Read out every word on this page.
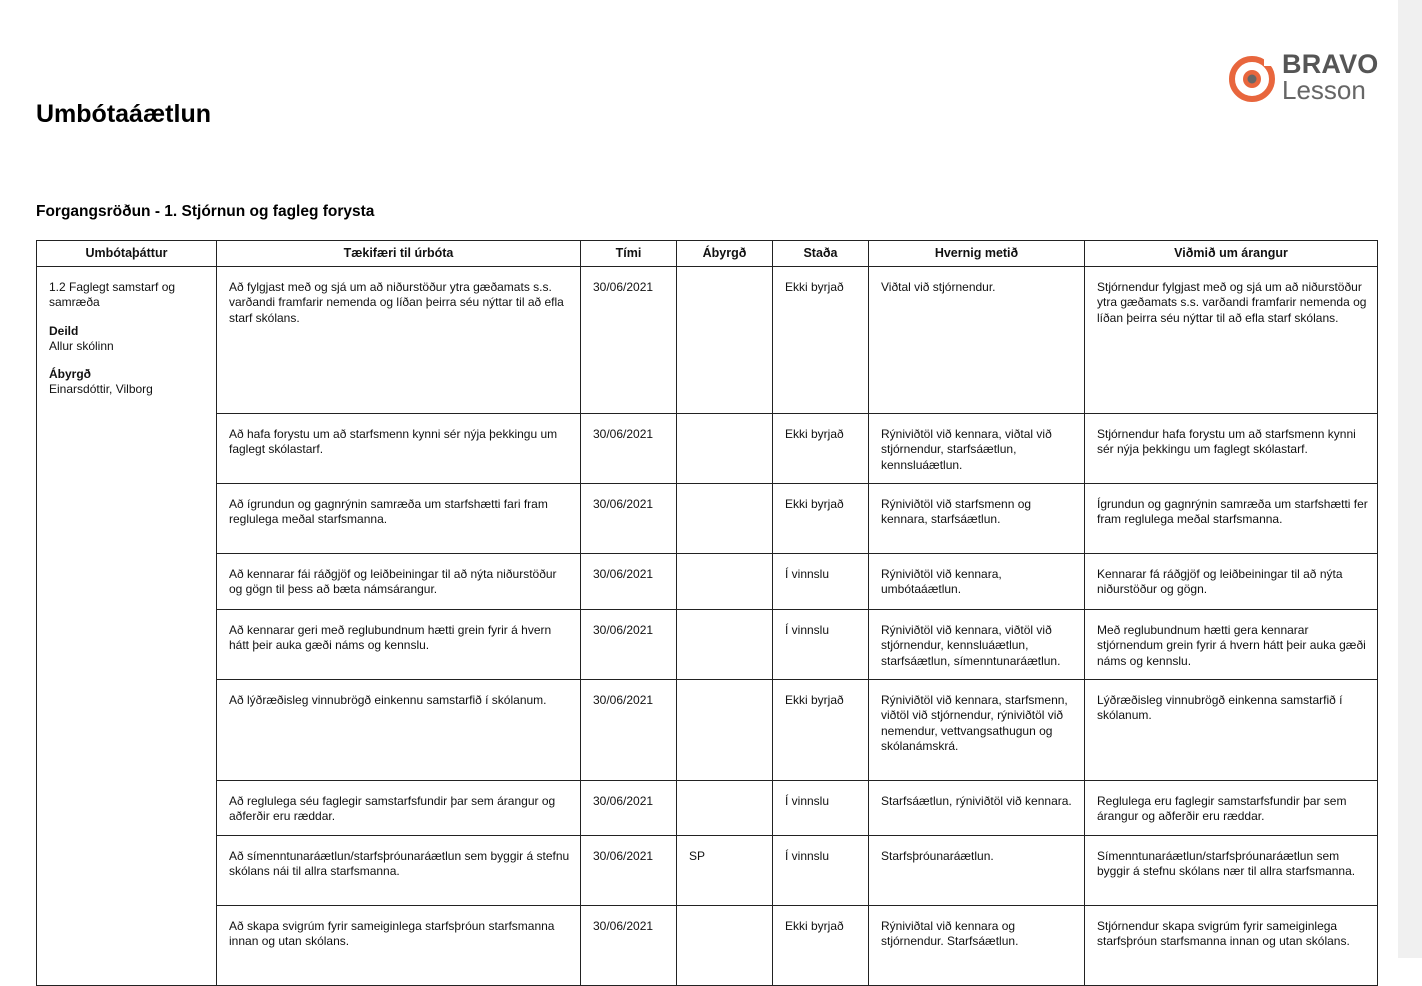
BRAVO
Lesson
Umbótaáætlun
Forgangsröðun - 1. Stjórnun og fagleg forysta
Umbótaþáttur	Tækifæri til úrbóta	Tími	Ábyrgð	Staða	Hvernig metið	Viðmið um árangur

1.2 Faglegt samstarf og samræða
Deild
Allur skólinn
Ábyrgð
Einarsdóttir, Vilborg	Að fylgjast með og sjá um að niðurstöður ytra gæðamats s.s. varðandi framfarir nemenda og líðan þeirra séu nýttar til að efla starf skólans.	30/06/2021		Ekki byrjað	Viðtal við stjórnendur.	Stjórnendur fylgjast með og sjá um að niðurstöður ytra gæðamats s.s. varðandi framfarir nemenda og líðan þeirra séu nýttar til að efla starf skólans.
	Að hafa forystu um að starfsmenn kynni sér nýja þekkingu um faglegt skólastarf.	30/06/2021		Ekki byrjað	Rýniviðtöl við kennara, viðtal við stjórnendur, starfsáætlun, kennsluáætlun.	Stjórnendur hafa forystu um að starfsmenn kynni sér nýja þekkingu um faglegt skólastarf.
	Að ígrundun og gagnrýnin samræða um starfshætti fari fram reglulega meðal starfsmanna.	30/06/2021		Ekki byrjað	Rýniviðtöl við starfsmenn og kennara, starfsáætlun.	Ígrundun og gagnrýnin samræða um starfshætti fer fram reglulega meðal starfsmanna.
	Að kennarar fái ráðgjöf og leiðbeiningar til að nýta niðurstöður og gögn til þess að bæta námsárangur.	30/06/2021		Í vinnslu	Rýniviðtöl við kennara, umbótaáætlun.	Kennarar fá ráðgjöf og leiðbeiningar til að nýta niðurstöður og gögn.
	Að kennarar geri með reglubundnum hætti grein fyrir á hvern hátt þeir auka gæði náms og kennslu.	30/06/2021		Í vinnslu	Rýniviðtöl við kennara, viðtöl við stjórnendur, kennsluáætlun, starfsáætlun, símenntunaráætlun.	Með reglubundnum hætti gera kennarar stjórnendum grein fyrir á hvern hátt þeir auka gæði náms og kennslu.
	Að lýðræðisleg vinnubrögð einkennu samstarfið í skólanum.	30/06/2021		Ekki byrjað	Rýniviðtöl við kennara, starfsmenn, viðtöl við stjórnendur, rýniviðtöl við nemendur, vettvangsathugun og skólanámskrá.	Lýðræðisleg vinnubrögð einkenna samstarfið í skólanum.
	Að reglulega séu faglegir samstarfsfundir þar sem árangur og aðferðir eru ræddar.	30/06/2021		Í vinnslu	Starfsáætlun, rýniviðtöl við kennara.	Reglulega eru faglegir samstarfsfundir þar sem árangur og aðferðir eru ræddar.
	Að símenntunaráætlun/starfsþróunaráætlun sem byggir á stefnu skólans nái til allra starfsmanna.	30/06/2021	SP	Í vinnslu	Starfsþróunaráætlun.	Símenntunaráætlun/starfsþróunaráætlun sem byggir á stefnu skólans nær til allra starfsmanna.
	Að skapa svigrúm fyrir sameiginlega starfsþróun starfsmanna innan og utan skólans.	30/06/2021		Ekki byrjað	Rýniviðtal við kennara og stjórnendur. Starfsáætlun.	Stjórnendur skapa svigrúm fyrir sameiginlega starfsþróun starfsmanna innan og utan skólans.
